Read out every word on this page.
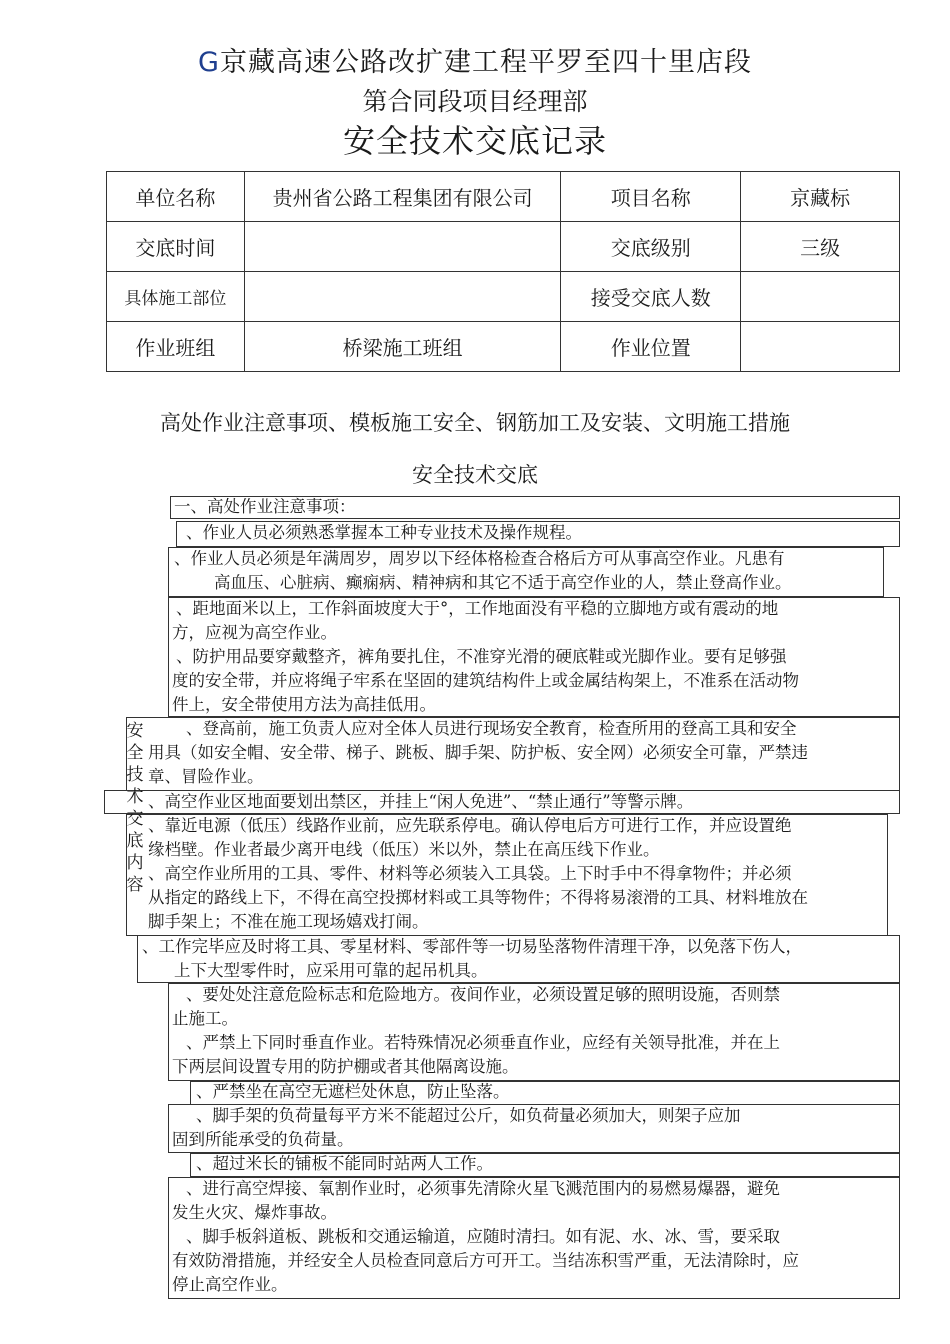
G京藏高速公路改扩建工程平罗至四十里店段
第合同段项目经理部
安全技术交底记录
单位名称	贵州省公路工程集团有限公司	项目名称	京藏标
交底时间		交底级别	三级
具体施工部位		接受交底人数	
作业班组	桥梁施工班组	作业位置	
高处作业注意事项、模板施工安全、钢筋加工及安装、文明施工措施
安全技术交底
安全技术交底内容
一、高处作业注意事项：
、作业人员必须熟悉掌握本工种专业技术及操作规程。
、作业人员必须是年满周岁，周岁以下经体格检查合格后方可从事高空作业。凡患有
高血压、心脏病、癫痫病、精神病和其它不适于高空作业的人，禁止登高作业。
、距地面米以上，工作斜面坡度大于°，工作地面没有平稳的立脚地方或有震动的地
方，应视为高空作业。
、防护用品要穿戴整齐，裤角要扎住，不准穿光滑的硬底鞋或光脚作业。要有足够强
度的安全带，并应将绳子牢系在坚固的建筑结构件上或金属结构架上，不准系在活动物
件上，安全带使用方法为高挂低用。
、登高前，施工负责人应对全体人员进行现场安全教育，检查所用的登高工具和安全
用具（如安全帽、安全带、梯子、跳板、脚手架、防护板、安全网）必须安全可靠，严禁违
章、冒险作业。
、高空作业区地面要划出禁区，并挂上“闲人免进”、“禁止通行”等警示牌。
、靠近电源（低压）线路作业前，应先联系停电。确认停电后方可进行工作，并应设置绝
缘档壁。作业者最少离开电线（低压）米以外，禁止在高压线下作业。
、高空作业所用的工具、零件、材料等必须装入工具袋。上下时手中不得拿物件；并必须
从指定的路线上下，不得在高空投掷材料或工具等物件；不得将易滚滑的工具、材料堆放在
脚手架上；不准在施工现场嬉戏打闹。
、工作完毕应及时将工具、零星材料、零部件等一切易坠落物件清理干净，以免落下伤人，
上下大型零件时，应采用可靠的起吊机具。
、要处处注意危险标志和危险地方。夜间作业，必须设置足够的照明设施，否则禁
止施工。
、严禁上下同时垂直作业。若特殊情况必须垂直作业，应经有关领导批准，并在上
下两层间设置专用的防护棚或者其他隔离设施。
、严禁坐在高空无遮栏处休息，防止坠落。
、脚手架的负荷量每平方米不能超过公斤，如负荷量必须加大，则架子应加
固到所能承受的负荷量。
、超过米长的铺板不能同时站两人工作。
、进行高空焊接、氧割作业时，必须事先清除火星飞溅范围内的易燃易爆器，避免
发生火灾、爆炸事故。
、脚手板斜道板、跳板和交通运输道，应随时清扫。如有泥、水、冰、雪，要采取
有效防滑措施，并经安全人员检查同意后方可开工。当结冻积雪严重，无法清除时，应
停止高空作业。
